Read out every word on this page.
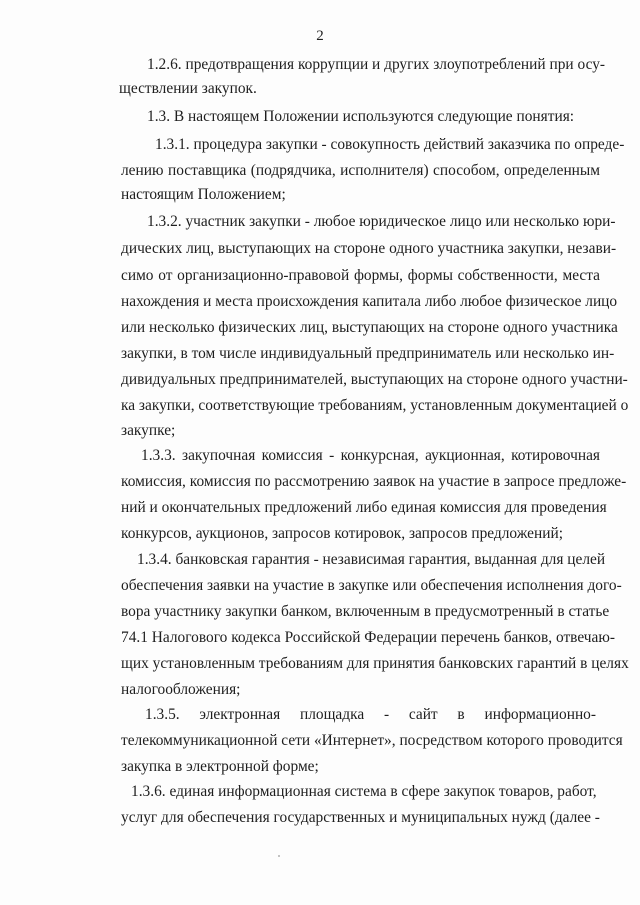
2
1.2.6. предотвращения коррупции и других злоупотреблений при осу-
ществлении закупок.
1.3. В настоящем Положении используются следующие понятия:
1.3.1. процедура закупки - совокупность действий заказчика по опреде-
лению поставщика (подрядчика, исполнителя) способом, определенным
настоящим Положением;
1.3.2. участник закупки - любое юридическое лицо или несколько юри-
дических лиц, выступающих на стороне одного участника закупки, незави-
симо от организационно-правовой формы, формы собственности, места
нахождения и места происхождения капитала либо любое физическое лицо
или несколько физических лиц, выступающих на стороне одного участника
закупки, в том числе индивидуальный предприниматель или несколько ин-
дивидуальных предпринимателей, выступающих на стороне одного участни-
ка закупки, соответствующие требованиям, установленным документацией о
закупке;
1.3.3. закупочная комиссия - конкурсная, аукционная, котировочная
комиссия, комиссия по рассмотрению заявок на участие в запросе предложе-
ний и окончательных предложений либо единая комиссия для проведения
конкурсов, аукционов, запросов котировок, запросов предложений;
1.3.4. банковская гарантия - независимая гарантия, выданная для целей
обеспечения заявки на участие в закупке или обеспечения исполнения дого-
вора участнику закупки банком, включенным в предусмотренный в статье
74.1 Налогового кодекса Российской Федерации перечень банков, отвечаю-
щих установленным требованиям для принятия банковских гарантий в целях
налогообложения;
1.3.5. электронная площадка - сайт в информационно-
телекоммуникационной сети «Интернет», посредством которого проводится
закупка в электронной форме;
1.3.6. единая информационная система в сфере закупок товаров, работ,
услуг для обеспечения государственных и муниципальных нужд (далее -
